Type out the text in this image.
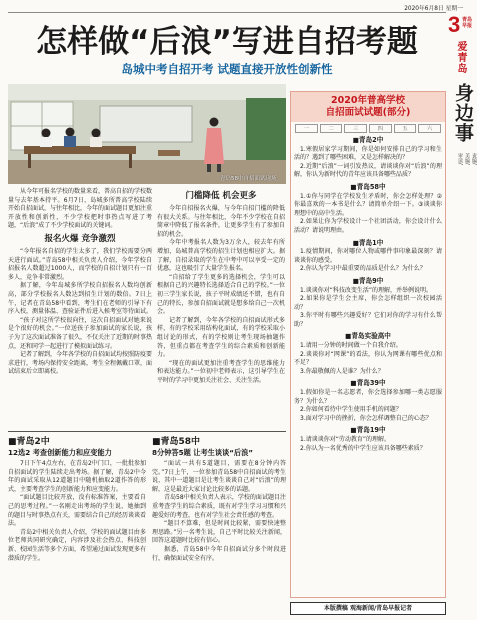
2020年6月8日 星期一
3 青岛早报
爱青岛
身边事
责编/
美编/
审读/
怎样做“后浪”写进自招考题
岛城中考自招开考 试题直接开放性创新性
青岛58中自招面试现场。
2020年普高学校
自招面试试题(部分)
一	二	三	四	五	六
■青岛2中

1.寒假居家学习期间，你是如何安排自己的学习和生活的？遇到了哪些困难，又是怎样解决的？

2.近期“后浪”一词引发热议，请谈谈你对“后浪”的理解，你认为新时代的青年应该具备哪些品质？

■青岛58中

1.①你与同学在学校发生矛盾时，你会怎样处理？②你最喜欢的一本书是什么？请简单介绍一下。③谈谈你理想中的高中生活。

2.如果让你为学校设计一个社团活动，你会设计什么活动？请说明理由。

■青岛1中

1.疫情期间，你对哪位人物或哪件事印象最深刻？请谈谈你的感受。

2.你认为学习中最重要的品质是什么？为什么？

■青岛9中

1.谈谈你对“科技改变生活”的理解，并举例说明。

2.如果你是学生会主席，你会怎样组织一次校园活动？

3.你平时有哪些兴趣爱好？它们对你的学习有什么帮助？

■青岛实验高中

1.请用一分钟的时间做一个自我介绍。

2.谈谈你对“网课”的看法，你认为网课有哪些优点和不足？

3.你最敬佩的人是谁？为什么？

■青岛39中

1.假如你是一名志愿者，你会选择参加哪一类志愿服务？为什么？

2.你如何看待中学生使用手机的问题？

3.面对学习中的挫折，你会怎样调整自己的心态？

■青岛19中

1.请谈谈你对“劳动教育”的理解。

2.你认为一名优秀的中学生应该具备哪些素质？

本版撰稿 观海新闻/青岛早报记者

从今年可报名学校的数量来看，普高自招的学校数量与去年基本持平。6月7日，岛城多所普高学校陆续开始自招面试，与往年相比，今年的面试题目更加注重开放性和创新性，不少学校把时事热点写进了考题，“后浪”成了不少学校面试的关键词。

报名火爆 竞争激烈

“今年报名自招的学生太多了，我们学校需要分两天进行面试。”青岛58中相关负责人介绍，今年学校自招报名人数超过1000人，而学校的自招计划只有一百多人，竞争非常激烈。

据了解，今年岛城多所学校自招报名人数均创新高，部分学校报名人数达到招生计划的数倍。7日上午，记者在青岛58中看到，考生们在老师的引导下有序入校，测量体温、查验证件后进入候考室等待面试。

“孩子对这所学校很向往，这次自招面试对她来说是个很好的机会。”一位送孩子参加面试的家长说，孩子为了这次面试准备了很久，不仅关注了近期的时事热点，还和同学一起进行了模拟面试练习。

记者了解到，今年各学校的自招面试均按照防疫要求进行，考场内保持安全距离，考生全程佩戴口罩，面试结束后立即离校。

门槛降低 机会更多

今年自招报名火爆，与今年自招门槛的降低有很大关系。与往年相比，今年不少学校在自招简章中降低了报名条件，让更多学生有了参加自招的机会。

今年中考报名人数为3万余人，较去年有所增加，岛城普高学校的招生计划也相应扩大。据了解，自招录取的学生在中考中可以享受一定的优惠，这也吸引了大量学生报名。

“自招给了学生更多的选择机会，学生可以根据自己的兴趣特长选择适合自己的学校。”一位初三学生家长说，孩子平时成绩还不错，也有自己的特长，参加自招面试就是想多给自己一次机会。

记者了解到，今年各学校的自招面试形式多样，有的学校采用结构化面试，有的学校采取小组讨论的形式，有的学校则让考生现场抽题作答，但重点都在考查学生的综合素质和创新能力。

“现在的面试更加注重考查学生的思维能力和表达能力。”一位初中老师表示，这引导学生在平时的学习中更加关注社会、关注生活。

■青岛2中
12选2 考查创新能力和应变能力

7日下午4点左右，在青岛2中门口，一批批参加自招面试的学生陆续走出考场。据了解，青岛2中今年的面试采取从12道题目中随机抽取2道作答的形式，主要考查学生的创新能力和应变能力。

“面试题目比较开放，没有标准答案，主要看自己的思考过程。”一名刚走出考场的学生说，她抽到的题目与时事热点有关，需要结合自己的经历谈谈看法。

青岛2中相关负责人介绍，学校的面试题目由多位老师共同研究确定，内容涉及社会热点、科技创新、校园生活等多个方面，希望通过面试发现更多有潜质的学生。

■青岛58中
8分钟答5题 让考生谈谈“后浪”

“面试一共有5道题目，需要在8分钟内答完。”7日上午，一位参加青岛58中自招面试的考生说，其中一道题目是让考生谈谈自己对“后浪”的理解，这是最近大家讨论比较多的话题。

青岛58中相关负责人表示，学校的面试题目注重考查学生的综合素质，既有对学生学习习惯和兴趣爱好的考查，也有对学生社会责任感的考查。

“题目不算难，但是时间比较紧，需要快速整理思路。”另一名考生说，自己平时比较关注新闻，回答这道题时比较有信心。

据悉，青岛58中今年自招面试分多个时段进行，确保面试安全有序。
